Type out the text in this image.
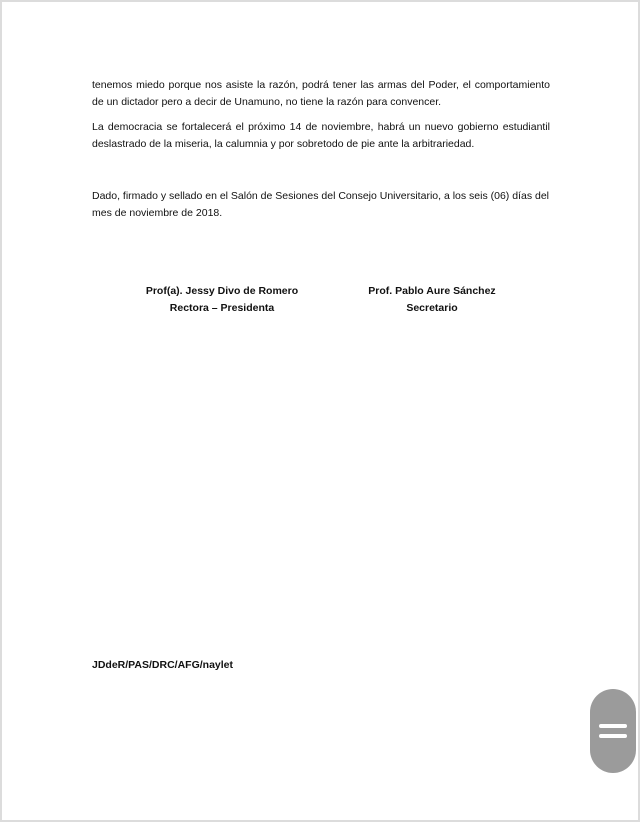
tenemos miedo porque nos asiste la razón, podrá tener las armas del Poder, el comportamiento de un dictador pero a decir de Unamuno, no tiene la razón para convencer.

La democracia se fortalecerá el próximo 14 de noviembre, habrá un nuevo gobierno estudiantil deslastrado de la miseria, la calumnia y por sobretodo de pie ante la arbitrariedad.

Dado, firmado y sellado en el Salón de Sesiones del Consejo Universitario, a los seis (06) días del mes de noviembre de 2018.

Prof(a). Jessy Divo de Romero
Rectora – Presidenta
Prof. Pablo Aure Sánchez
Secretario

JDdeR/PAS/DRC/AFG/naylet
